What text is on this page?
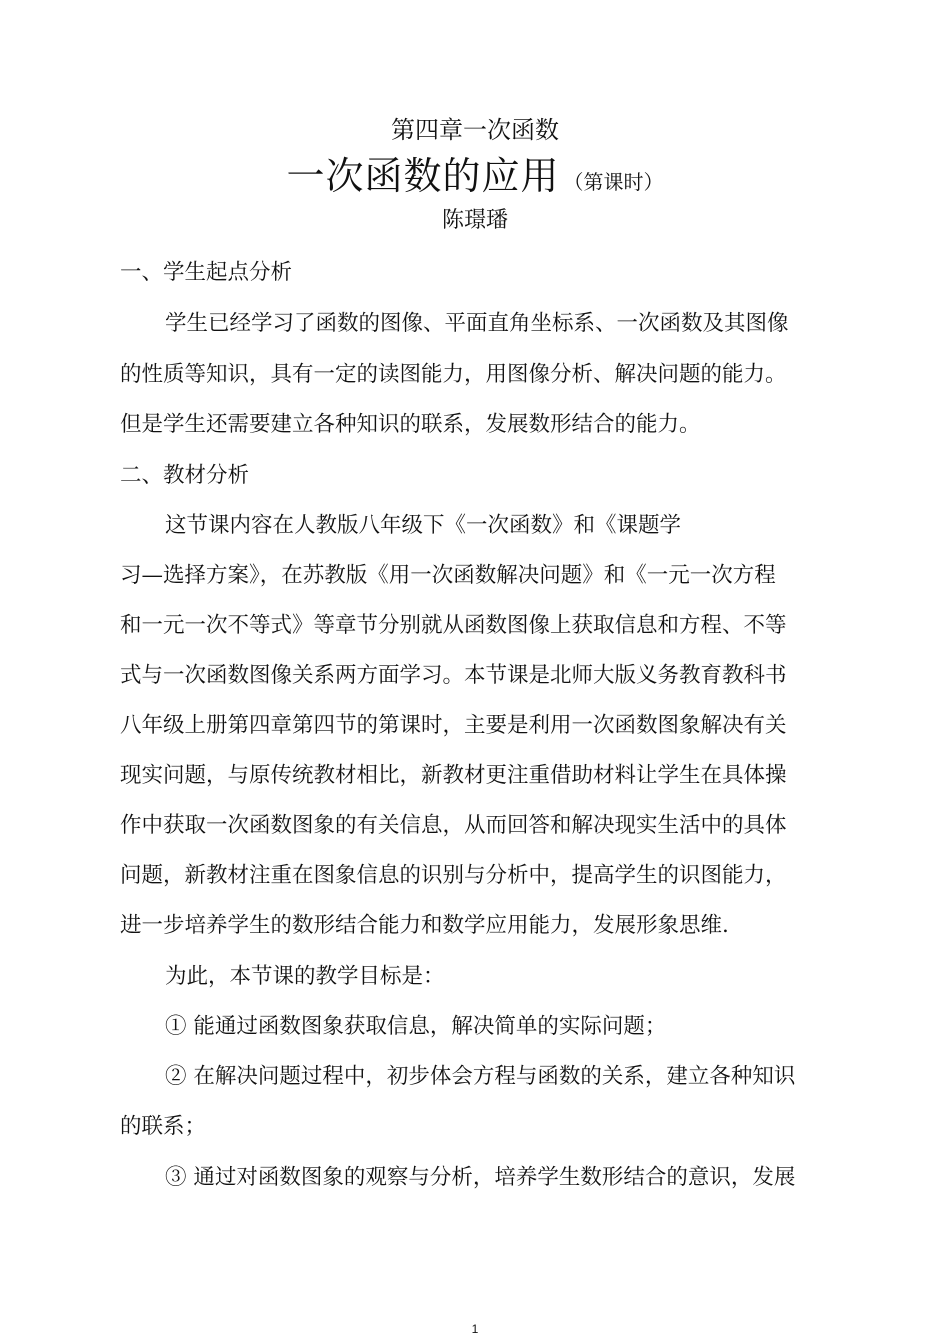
第四章一次函数
一次函数的应用 （第课时）
陈璟璠
一、学生起点分析
学生已经学习了函数的图像、平面直角坐标系、一次函数及其图像
的性质等知识，具有一定的读图能力，用图像分析、解决问题的能力。
但是学生还需要建立各种知识的联系，发展数形结合的能力。
二、教材分析
这节课内容在人教版八年级下《一次函数》和《课题学
习—选择方案》，在苏教版《用一次函数解决问题》和《一元一次方程
和一元一次不等式》等章节分别就从函数图像上获取信息和方程、不等
式与一次函数图像关系两方面学习。本节课是北师大版义务教育教科书
八年级上册第四章第四节的第课时，主要是利用一次函数图象解决有关
现实问题，与原传统教材相比，新教材更注重借助材料让学生在具体操
作中获取一次函数图象的有关信息，从而回答和解决现实生活中的具体
问题，新教材注重在图象信息的识别与分析中，提高学生的识图能力，
进一步培养学生的数形结合能力和数学应用能力，发展形象思维.
为此，本节课的教学目标是：
① 能通过函数图象获取信息，解决简单的实际问题；
② 在解决问题过程中，初步体会方程与函数的关系，建立各种知识
的联系；
③ 通过对函数图象的观察与分析，培养学生数形结合的意识，发展
1
